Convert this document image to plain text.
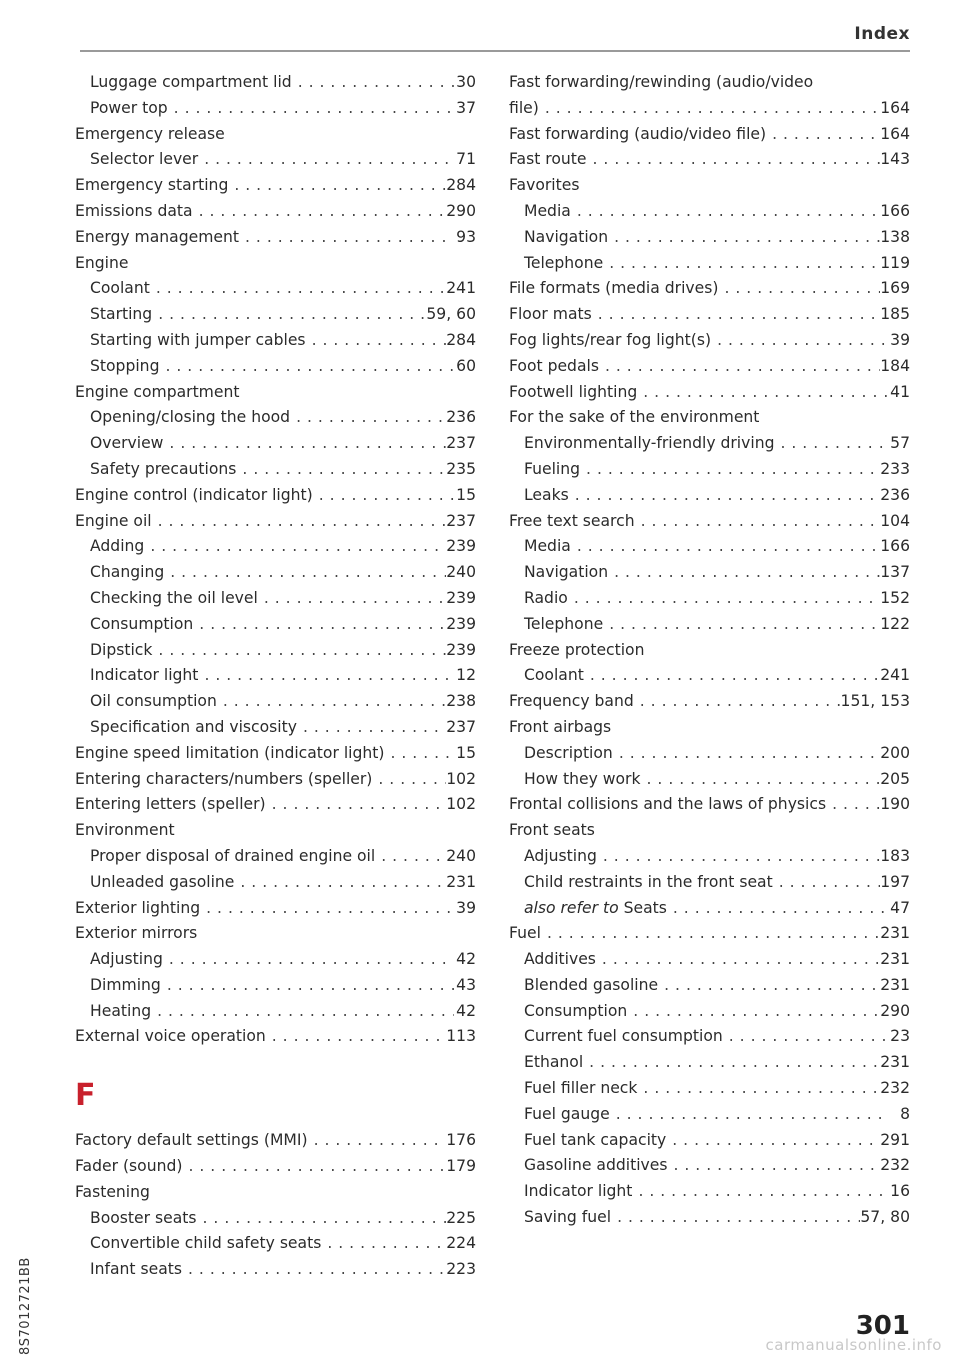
Index
Luggage compartment lid . . .	30
Power top . . .	37
Emergency release
Selector lever . . .	71
Emergency starting . . .	284
Emissions data . . .	290
Energy management . . .	93
Engine
Coolant . . .	241
Starting . . .	59, 60
Starting with jumper cables . . .	284
Stopping . . .	60
Engine compartment
Opening/closing the hood . . .	236
Overview . . .	237
Safety precautions . . .	235
Engine control (indicator light) . . .	15
Engine oil . . .	237
Adding . . .	239
Changing . . .	240
Checking the oil level . . .	239
Consumption . . .	239
Dipstick . . .	239
Indicator light . . .	12
Oil consumption . . .	238
Specification and viscosity . . .	237
Engine speed limitation (indicator light) . . .	15
Entering characters/numbers (speller) . . .	102
Entering letters (speller) . . .	102
Environment
Proper disposal of drained engine oil . . .	240
Unleaded gasoline . . .	231
Exterior lighting . . .	39
Exterior mirrors
Adjusting . . .	42
Dimming . . .	43
Heating . . .	42
External voice operation . . .	113
F
Factory default settings (MMI) . . .	176
Fader (sound) . . .	179
Fastening
Booster seats . . .	225
Convertible child safety seats . . .	224
Infant seats . . .	223
Fast forwarding/rewinding (audio/video
file) . . .	164
Fast forwarding (audio/video file) . . .	164
Fast route . . .	143
Favorites
Media . . .	166
Navigation . . .	138
Telephone . . .	119
File formats (media drives) . . .	169
Floor mats . . .	185
Fog lights/rear fog light(s) . . .	39
Foot pedals . . .	184
Footwell lighting . . .	41
For the sake of the environment
Environmentally-friendly driving . . .	57
Fueling . . .	233
Leaks . . .	236
Free text search . . .	104
Media . . .	166
Navigation . . .	137
Radio . . .	152
Telephone . . .	122
Freeze protection
Coolant . . .	241
Frequency band . . .	151, 153
Front airbags
Description . . .	200
How they work . . .	205
Frontal collisions and the laws of physics . . .	190
Front seats
Adjusting . . .	183
Child restraints in the front seat . . .	197
also refer to Seats . . .	47
Fuel . . .	231
Additives . . .	231
Blended gasoline . . .	231
Consumption . . .	290
Current fuel consumption . . .	23
Ethanol . . .	231
Fuel filler neck . . .	232
Fuel gauge . . .	8
Fuel tank capacity . . .	291
Gasoline additives . . .	232
Indicator light . . .	16
Saving fuel . . .	57, 80
8S7012721BB	301
carmanualsonline.info
